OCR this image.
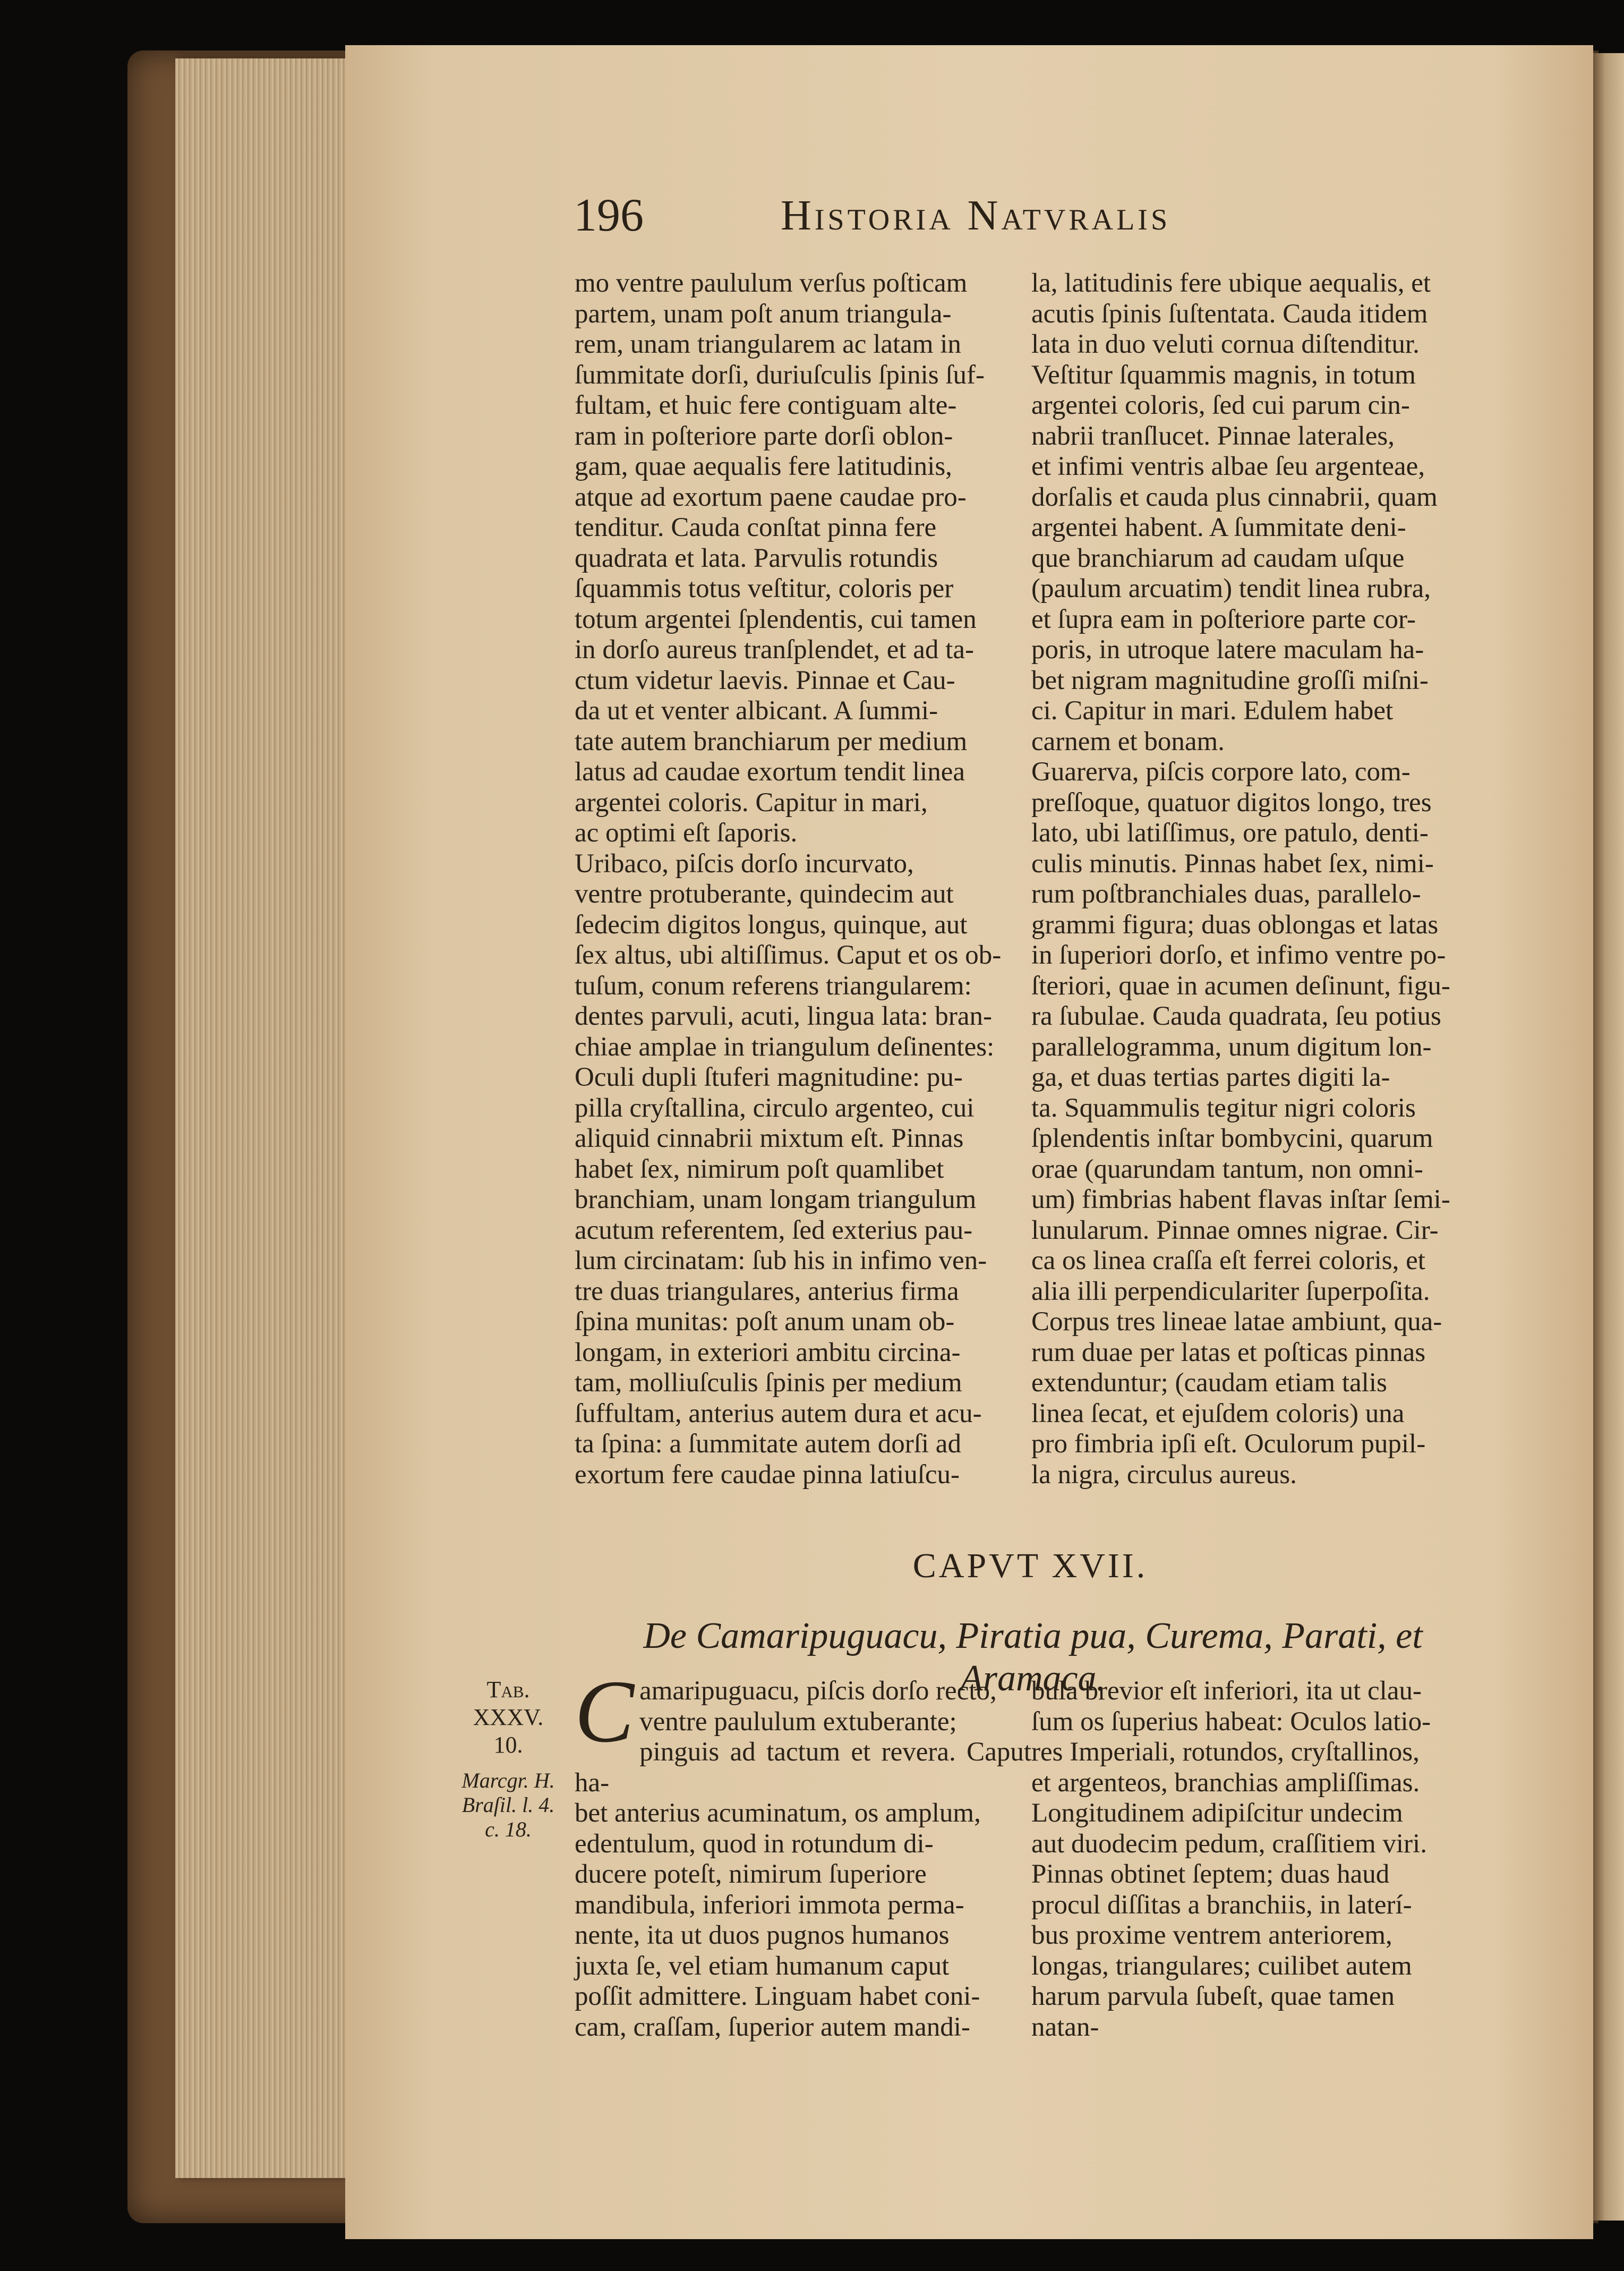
196	Historia Natvralis

mo ventre paululum verſus poſticam
partem, unam poſt anum triangula-
rem, unam triangularem ac latam in
ſummitate dorſi, duriuſculis ſpinis ſuf-
fultam, et huic fere contiguam alte-
ram in poſteriore parte dorſi oblon-
gam, quae aequalis fere latitudinis,
atque ad exortum paene caudae pro-
tenditur. Cauda conſtat pinna fere
quadrata et lata. Parvulis rotundis
ſquammis totus veſtitur, coloris per
totum argentei ſplendentis, cui tamen
in dorſo aureus tranſplendet, et ad ta-
ctum videtur laevis. Pinnae et Cau-
da ut et venter albicant. A ſummi-
tate autem branchiarum per medium
latus ad caudae exortum tendit linea
argentei coloris. Capitur in mari,
ac optimi eſt ſaporis.
Uribaco, piſcis dorſo incurvato,
ventre protuberante, quindecim aut
ſedecim digitos longus, quinque, aut
ſex altus, ubi altiſſimus. Caput et os ob-
tuſum, conum referens triangularem:
dentes parvuli, acuti, lingua lata: bran-
chiae amplae in triangulum deſinentes:
Oculi dupli ſtuferi magnitudine: pu-
pilla cryſtallina, circulo argenteo, cui
aliquid cinnabrii mixtum eſt. Pinnas
habet ſex, nimirum poſt quamlibet
branchiam, unam longam triangulum
acutum referentem, ſed exterius pau-
lum circinatam: ſub his in infimo ven-
tre duas triangulares, anterius firma
ſpina munitas: poſt anum unam ob-
longam, in exteriori ambitu circina-
tam, molliuſculis ſpinis per medium
ſuffultam, anterius autem dura et acu-
ta ſpina: a ſummitate autem dorſi ad
exortum fere caudae pinna latiuſcu-

la, latitudinis fere ubique aequalis, et
acutis ſpinis ſuſtentata. Cauda itidem
lata in duo veluti cornua diſtenditur.
Veſtitur ſquammis magnis, in totum
argentei coloris, ſed cui parum cin-
nabrii tranſlucet. Pinnae laterales,
et infimi ventris albae ſeu argenteae,
dorſalis et cauda plus cinnabrii, quam
argentei habent. A ſummitate deni-
que branchiarum ad caudam uſque
(paulum arcuatim) tendit linea rubra,
et ſupra eam in poſteriore parte cor-
poris, in utroque latere maculam ha-
bet nigram magnitudine groſſi miſni-
ci. Capitur in mari. Edulem habet
carnem et bonam.
Guarerva, piſcis corpore lato, com-
preſſoque, quatuor digitos longo, tres
lato, ubi latiſſimus, ore patulo, denti-
culis minutis. Pinnas habet ſex, nimi-
rum poſtbranchiales duas, parallelo-
grammi figura; duas oblongas et latas
in ſuperiori dorſo, et infimo ventre po-
ſteriori, quae in acumen deſinunt, figu-
ra ſubulae. Cauda quadrata, ſeu potius
parallelogramma, unum digitum lon-
ga, et duas tertias partes digiti la-
ta. Squammulis tegitur nigri coloris
ſplendentis inſtar bombycini, quarum
orae (quarundam tantum, non omni-
um) fimbrias habent flavas inſtar ſemi-
lunularum. Pinnae omnes nigrae. Cir-
ca os linea craſſa eſt ferrei coloris, et
alia illi perpendiculariter ſuperpoſita.
Corpus tres lineae latae ambiunt, qua-
rum duae per latas et poſticas pinnas
extenduntur; (caudam etiam talis
linea ſecat, et ejuſdem coloris) una
pro fimbria ipſi eſt. Oculorum pupil-
la nigra, circulus aureus.

CAPVT XVII.
De Camaripuguacu, Piratia pua, Curema, Parati, et Aramaca.
Tab.
XXXV.
10.
Marcgr. H.
Braſil. l. 4.
c. 18.
C amaripuguacu, piſcis dorſo recto,
ventre paululum extuberante;
pinguis ad tactum et revera. Caput ha-
bet anterius acuminatum, os amplum,
edentulum, quod in rotundum di-
ducere poteſt, nimirum ſuperiore
mandibula, inferiori immota perma-
nente, ita ut duos pugnos humanos
juxta ſe, vel etiam humanum caput
poſſit admittere. Linguam habet coni-
cam, craſſam, ſuperior autem mandi-

bula brevior eſt inferiori, ita ut clau-
ſum os ſuperius habeat: Oculos latio-
res Imperiali, rotundos, cryſtallinos,
et argenteos, branchias ampliſſimas.
Longitudinem adipiſcitur undecim
aut duodecim pedum, craſſitiem viri.
Pinnas obtinet ſeptem; duas haud
procul diſſitas a branchiis, in laterí-
bus proxime ventrem anteriorem,
longas, triangulares; cuilibet autem
harum parvula ſubeſt, quae tamen
natan-
